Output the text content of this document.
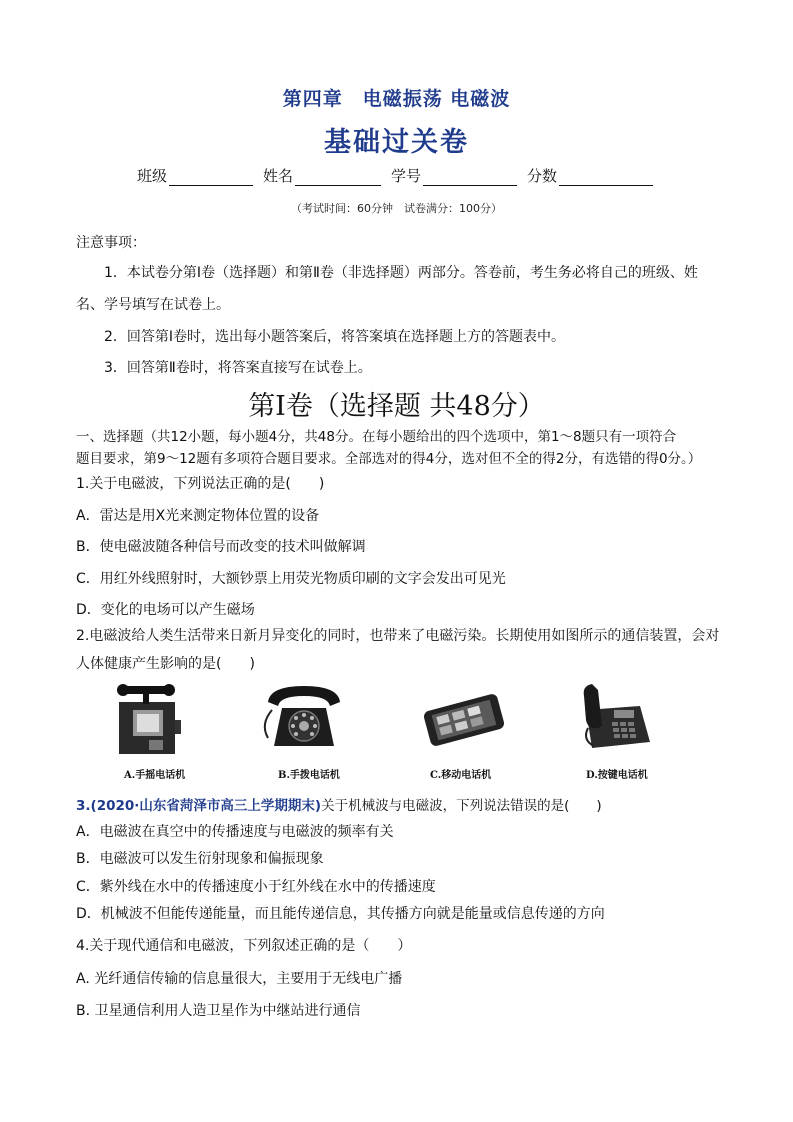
第四章　电磁振荡 电磁波
基础过关卷
班级	姓名	学号	分数
（考试时间：60分钟　试卷满分：100分）
注意事项：
1．本试卷分第Ⅰ卷（选择题）和第Ⅱ卷（非选择题）两部分。答卷前，考生务必将自己的班级、姓
名、学号填写在试卷上。
2．回答第Ⅰ卷时，选出每小题答案后，将答案填在选择题上方的答题表中。
3．回答第Ⅱ卷时，将答案直接写在试卷上。
第Ⅰ卷（选择题 共48分）
一、选择题（共12小题，每小题4分，共48分。在每小题给出的四个选项中，第1～8题只有一项符合
题目要求，第9～12题有多项符合题目要求。全部选对的得4分，选对但不全的得2分，有选错的得0分。）
1.关于电磁波，下列说法正确的是(　　)
A．雷达是用X光来测定物体位置的设备
B．使电磁波随各种信号而改变的技术叫做解调
C．用红外线照射时，大额钞票上用荧光物质印刷的文字会发出可见光
D．变化的电场可以产生磁场
2.电磁波给人类生活带来日新月异变化的同时，也带来了电磁污染。长期使用如图所示的通信装置，会对
人体健康产生影响的是(　　)
A.手摇电话机	B.手拨电话机	C.移动电话机	D.按键电话机
3.(2020·山东省菏泽市高三上学期期末)关于机械波与电磁波，下列说法错误的是(　　)
A．电磁波在真空中的传播速度与电磁波的频率有关
B．电磁波可以发生衍射现象和偏振现象
C．紫外线在水中的传播速度小于红外线在水中的传播速度
D．机械波不但能传递能量，而且能传递信息，其传播方向就是能量或信息传递的方向
4.关于现代通信和电磁波，下列叙述正确的是（　　）
A. 光纤通信传输的信息量很大，主要用于无线电广播
B. 卫星通信利用人造卫星作为中继站进行通信
